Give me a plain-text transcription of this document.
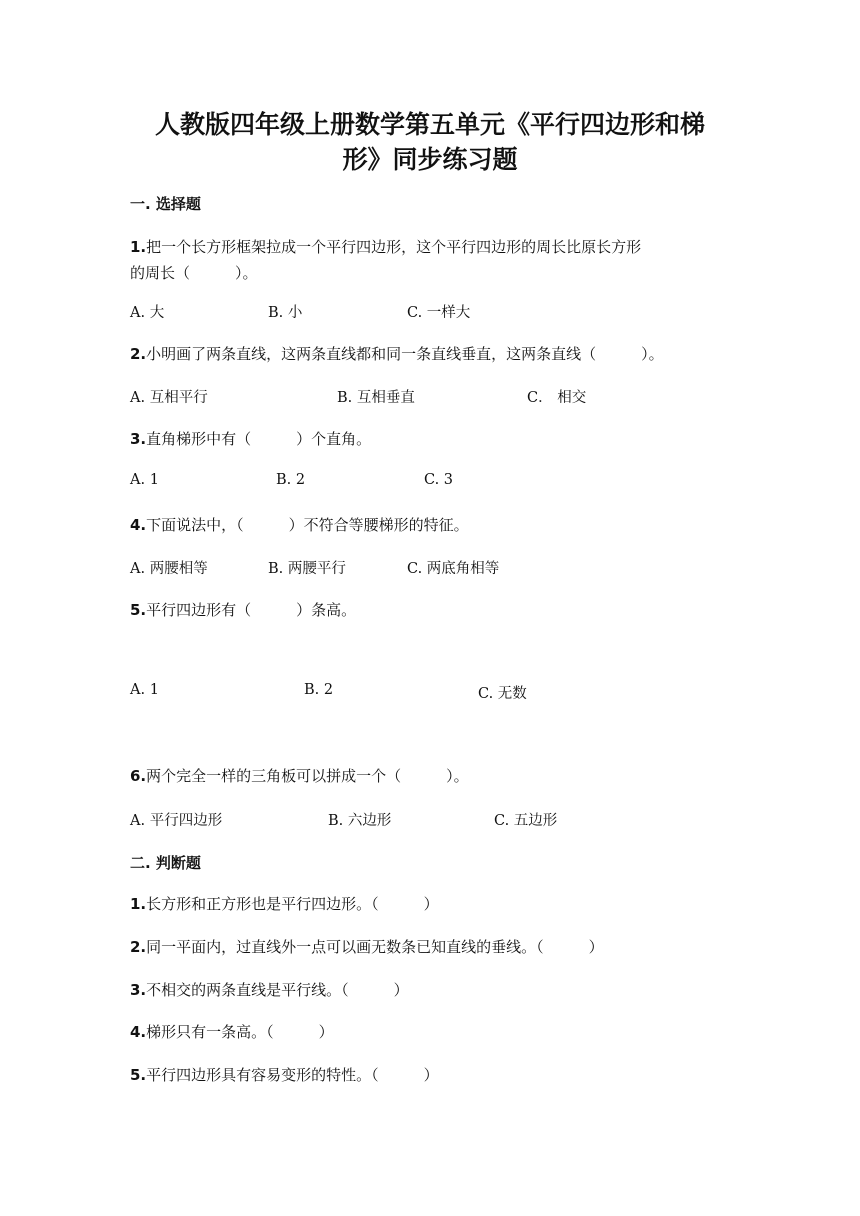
人教版四年级上册数学第五单元《平行四边形和梯
形》同步练习题
一. 选择题
1.把一个长方形框架拉成一个平行四边形，这个平行四边形的周长比原长方形
的周长（　　　）。
A. 大	B. 小	C. 一样大
2.小明画了两条直线，这两条直线都和同一条直线垂直，这两条直线（　　　）。
A. 互相平行	B. 互相垂直	C． 相交
3.直角梯形中有（　　　）个直角。
A. 1	B. 2	C. 3
4.下面说法中，（　　　）不符合等腰梯形的特征。
A. 两腰相等	B. 两腰平行	C. 两底角相等
5.平行四边形有（　　　）条高。
A. 1	B. 2	C. 无数
6.两个完全一样的三角板可以拼成一个（　　　）。
A. 平行四边形	B. 六边形	C. 五边形
二. 判断题
1.长方形和正方形也是平行四边形。（　　　）
2.同一平面内，过直线外一点可以画无数条已知直线的垂线。（　　　）
3.不相交的两条直线是平行线。（　　　）
4.梯形只有一条高。（　　　）
5.平行四边形具有容易变形的特性。（　　　）
